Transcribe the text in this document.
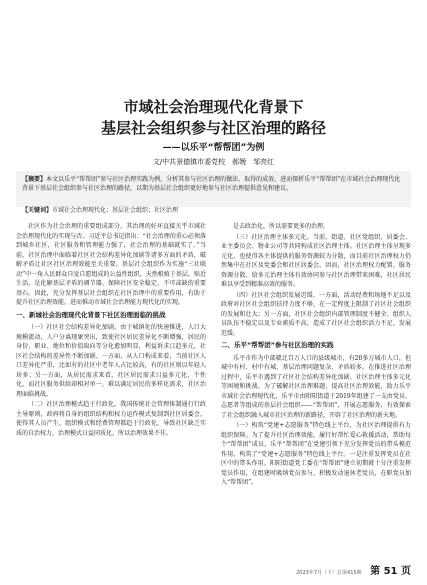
市域社会治理现代化背景下
基层社会组织参与社区治理的路径
——以乐平“帮帮团”为例
文/中共景德镇市委党校　郝娩　邹亮红
【摘要】本文以乐平“帮帮团”参与社区治理实践为例，分析其参与社区治理的做法、取得的成效、进而探析乐平“帮帮团”在市域社会治理现代化背景下基层社会组织参与社区治理的路径，以期为基层社会组织更好地参与社区治理提供意见和建议。
【关键词】市域社会治理现代化；基层社会组织；社区治理

社区作为社会治理的重要组成部分，其治理的好坏直接关乎市域社会治理现代化的实现与否。习近平总书记指出：“社会治理的重心必须落到城乡社区，社区服务和管理能力强了，社会治理的基础就实了。”当前，社区治理中面临着社区社会结构差异化加剧等诸多方面的矛盾，破解矛盾让社区社区治理效能至关重要。基层社会组织作为实施“三社联动”中一角入民群众自觉自愿组成的公益性组织，天然根植于基层，贴近生活，是化解基层矛盾的调节器、保障社区安全稳定、不可或缺的重要基石。因此，充分发挥基层社会组织在社区治理中的重要作用，有助于提升社区治理效能，进而推动市域社会治理能力现代化的实现。

一、新城社会治理现代化背景下社区治理面临的挑战

（一）社区社会结构差异化加剧。由于城镇化的快速推进，人口大规模流动，人户分离现象突出，致使社区居民差异化不断增强，居民的身份、职业、地位和价值取向等分化愈加明显，利益诉求日趋多元，社区社会结构的差异性不断加剧。一方面，从人口构成来看，当前社区人口差异化严重，比如有的社区中老年人占比较高，有的社区则以年轻人居多；另一方面，从居民需求来看，社区居民需求日益多元化、个性化，而社区服务供给却相对单一，难以满足居民的多样化需求，社区治理面临挑战。

（二）社区治理模式趋于行政化。我国传统社会管理体制通行行政主导原则，政府将自身的组织结构和权力运作模式复制到社区居委会，使得其人员产生、组织模式和经费管理都趋于行政化，导致社区缺乏实质的自治权力，治理模式日益同质化，所以治理效果不佳。

是去政治化，所以需要更多的治理。

（三）社区治理主体多元化。当前，街道、社区党组织、居委会、业主委员会、物业公司等共同构成社区治理主体。社区治理主体呈现多元化，也使得各主体提供的服务资源较为分散，而目前社区治理权力仍然集中在社区及党委会和社区居委会。因而，社区治理权力配置、服务资源分散，给多元治理主体有效协同参与社区治理带来困难，社区居民难以享受到精准高效的服务。

（四）社区社会组织发展迟缓。一方面，活动经费和场地不足以及政府对社区社会组织扶持力度不够，在一定程度上限制了社区社会组织的发展和壮大；另一方面，社区社会组织内部管理制度不健全、组织人员队伍不稳定以及专业素质不高，造成了社区社会组织活力不足、发展迟缓。

二、乐平“帮帮团”参与社区治理的实践

乐平市作为中部赣北百万人口的县级城市，有20多万城市人口，但城中有村、村中有城，基层治理问题复杂、矛盾较多。在推进社区治理过程中，乐平市遇到了社区社会结构差异化加剧、社区治理主体多元化等困境和挑战。为了破解社区治理难题，提高社区治理效能，助力乐平市域社会治理现代化，乐平市由阳阳街道于2019年组建了一支由党员、志愿者等组成的基层社会组织——“帮帮团”，开展志愿服务，有效探索了社会组织融入城市社区治理的新路径，开辟了社区治理的新天地。

（一）构筑“党建+志愿服务”特色线上平台，为社区治理提供有力组织保障。为了提升社区治理效能，履行好帮忙爱心救援活动，帮助每个“帮帮团”成员，乐平“帮帮团”在党建引领下充分发挥党员的带头模范作用，构筑了“党建+志愿服务”特色线上平台。一是注重发挥党员在社区中的带头作用。阳阳街道党工委在“帮帮团”建立初期就十分注重发挥党员作用，在组建时吸纳党员参与，积极发动退休老党员，在职党员加入“帮帮团”。

2023年7月（下）总第415期 第 51 页
